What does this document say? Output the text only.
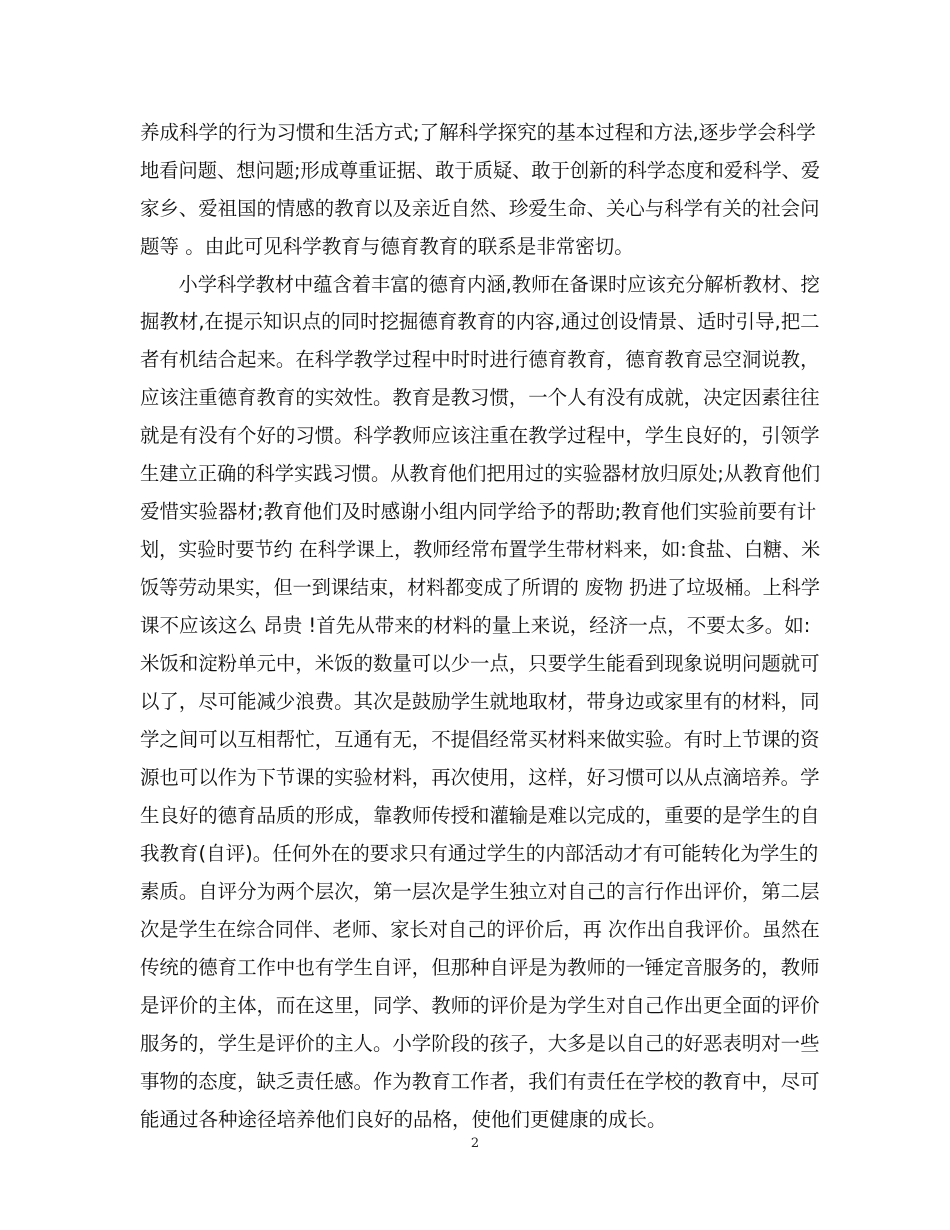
养成科学的行为习惯和生活方式;了解科学探究的基本过程和方法,逐步学会科学
地看问题、想问题;形成尊重证据、敢于质疑、敢于创新的科学态度和爱科学、爱
家乡、爱祖国的情感的教育以及亲近自然、珍爱生命、关心与科学有关的社会问
题等 。由此可见科学教育与德育教育的联系是非常密切。
　　小学科学教材中蕴含着丰富的德育内涵,教师在备课时应该充分解析教材、挖
掘教材,在提示知识点的同时挖掘德育教育的内容,通过创设情景、适时引导,把二
者有机结合起来。在科学教学过程中时时进行德育教育，德育教育忌空洞说教，
应该注重德育教育的实效性。教育是教习惯，一个人有没有成就，决定因素往往
就是有没有个好的习惯。科学教师应该注重在教学过程中，学生良好的，引领学
生建立正确的科学实践习惯。从教育他们把用过的实验器材放归原处;从教育他们
爱惜实验器材;教育他们及时感谢小组内同学给予的帮助;教育他们实验前要有计
划，实验时要节约 在科学课上，教师经常布置学生带材料来，如:食盐、白糖、米
饭等劳动果实，但一到课结束，材料都变成了所谓的 废物 扔进了垃圾桶。上科学
课不应该这么 昂贵 !首先从带来的材料的量上来说，经济一点，不要太多。如:
米饭和淀粉单元中，米饭的数量可以少一点，只要学生能看到现象说明问题就可
以了，尽可能减少浪费。其次是鼓励学生就地取材，带身边或家里有的材料，同
学之间可以互相帮忙，互通有无，不提倡经常买材料来做实验。有时上节课的资
源也可以作为下节课的实验材料，再次使用，这样，好习惯可以从点滴培养。学
生良好的德育品质的形成，靠教师传授和灌输是难以完成的，重要的是学生的自
我教育(自评)。任何外在的要求只有通过学生的内部活动才有可能转化为学生的
素质。自评分为两个层次，第一层次是学生独立对自己的言行作出评价，第二层
次是学生在综合同伴、老师、家长对自己的评价后，再 次作出自我评价。虽然在
传统的德育工作中也有学生自评，但那种自评是为教师的一锤定音服务的，教师
是评价的主体，而在这里，同学、教师的评价是为学生对自己作出更全面的评价
服务的，学生是评价的主人。小学阶段的孩子，大多是以自己的好恶表明对一些
事物的态度，缺乏责任感。作为教育工作者，我们有责任在学校的教育中，尽可
能通过各种途径培养他们良好的品格，使他们更健康的成长。
2
